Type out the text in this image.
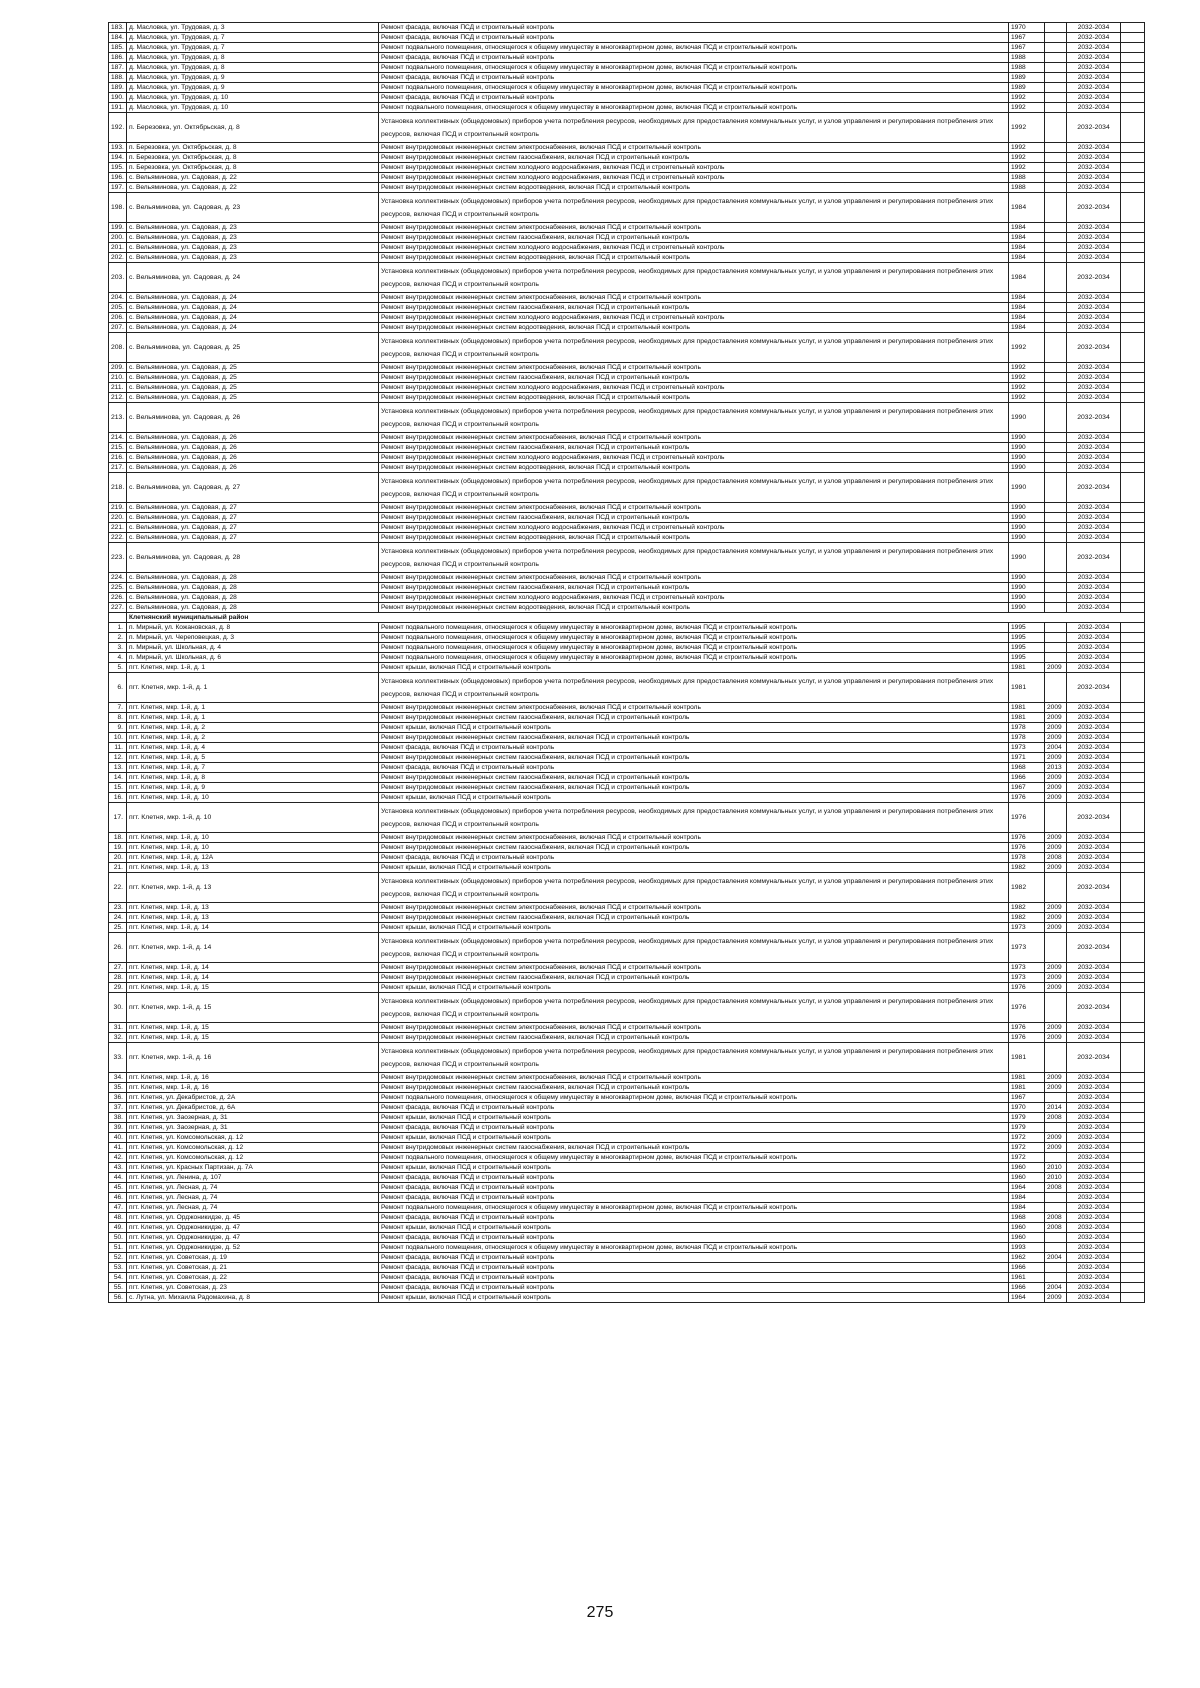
183.	д. Масловка, ул. Трудовая, д. 3	Ремонт фасада, включая ПСД и строительный контроль	1970		2032-2034	
184.	д. Масловка, ул. Трудовая, д. 7	Ремонт фасада, включая ПСД и строительный контроль	1967		2032-2034	
185.	д. Масловка, ул. Трудовая, д. 7	Ремонт подвального помещения, относящегося к общему имуществу в многоквартирном доме, включая ПСД и строительный контроль	1967		2032-2034	
186.	д. Масловка, ул. Трудовая, д. 8	Ремонт фасада, включая ПСД и строительный контроль	1988		2032-2034	
187.	д. Масловка, ул. Трудовая, д. 8	Ремонт подвального помещения, относящегося к общему имуществу в многоквартирном доме, включая ПСД и строительный контроль	1988		2032-2034	
188.	д. Масловка, ул. Трудовая, д. 9	Ремонт фасада, включая ПСД и строительный контроль	1989		2032-2034	
189.	д. Масловка, ул. Трудовая, д. 9	Ремонт подвального помещения, относящегося к общему имуществу в многоквартирном доме, включая ПСД и строительный контроль	1989		2032-2034	
190.	д. Масловка, ул. Трудовая, д. 10	Ремонт фасада, включая ПСД и строительный контроль	1992		2032-2034	
191.	д. Масловка, ул. Трудовая, д. 10	Ремонт подвального помещения, относящегося к общему имуществу в многоквартирном доме, включая ПСД и строительный контроль	1992		2032-2034	
192.	п. Березовка, ул. Октябрьская, д. 8	Установка коллективных (общедомовых) приборов учета потребления ресурсов, необходимых для предоставления коммунальных услуг, и узлов управления и регулирования потребления этих ресурсов, включая ПСД и строительный контроль	1992		2032-2034	
193.	п. Березовка, ул. Октябрьская, д. 8	Ремонт внутридомовых инженерных систем электроснабжения, включая ПСД и строительный контроль	1992		2032-2034	
194.	п. Березовка, ул. Октябрьская, д. 8	Ремонт внутридомовых инженерных систем газоснабжения, включая ПСД и строительный контроль	1992		2032-2034	
195.	п. Березовка, ул. Октябрьская, д. 8	Ремонт внутридомовых инженерных систем холодного водоснабжения, включая ПСД и строительный контроль	1992		2032-2034	
196.	с. Вельяминова, ул. Садовая, д. 22	Ремонт внутридомовых инженерных систем холодного водоснабжения, включая ПСД и строительный контроль	1988		2032-2034	
197.	с. Вельяминова, ул. Садовая, д. 22	Ремонт внутридомовых инженерных систем водоотведения, включая ПСД и строительный контроль	1988		2032-2034	
198.	с. Вельяминова, ул. Садовая, д. 23	Установка коллективных (общедомовых) приборов учета потребления ресурсов, необходимых для предоставления коммунальных услуг, и узлов управления и регулирования потребления этих ресурсов, включая ПСД и строительный контроль	1984		2032-2034	
199.	с. Вельяминова, ул. Садовая, д. 23	Ремонт внутридомовых инженерных систем электроснабжения, включая ПСД и строительный контроль	1984		2032-2034	
200.	с. Вельяминова, ул. Садовая, д. 23	Ремонт внутридомовых инженерных систем газоснабжения, включая ПСД и строительный контроль	1984		2032-2034	
201.	с. Вельяминова, ул. Садовая, д. 23	Ремонт внутридомовых инженерных систем холодного водоснабжения, включая ПСД и строительный контроль	1984		2032-2034	
202.	с. Вельяминова, ул. Садовая, д. 23	Ремонт внутридомовых инженерных систем водоотведения, включая ПСД и строительный контроль	1984		2032-2034	
203.	с. Вельяминова, ул. Садовая, д. 24	Установка коллективных (общедомовых) приборов учета потребления ресурсов, необходимых для предоставления коммунальных услуг, и узлов управления и регулирования потребления этих ресурсов, включая ПСД и строительный контроль	1984		2032-2034	
204.	с. Вельяминова, ул. Садовая, д. 24	Ремонт внутридомовых инженерных систем электроснабжения, включая ПСД и строительный контроль	1984		2032-2034	
205.	с. Вельяминова, ул. Садовая, д. 24	Ремонт внутридомовых инженерных систем газоснабжения, включая ПСД и строительный контроль	1984		2032-2034	
206.	с. Вельяминова, ул. Садовая, д. 24	Ремонт внутридомовых инженерных систем холодного водоснабжения, включая ПСД и строительный контроль	1984		2032-2034	
207.	с. Вельяминова, ул. Садовая, д. 24	Ремонт внутридомовых инженерных систем водоотведения, включая ПСД и строительный контроль	1984		2032-2034	
208.	с. Вельяминова, ул. Садовая, д. 25	Установка коллективных (общедомовых) приборов учета потребления ресурсов, необходимых для предоставления коммунальных услуг, и узлов управления и регулирования потребления этих ресурсов, включая ПСД и строительный контроль	1992		2032-2034	
209.	с. Вельяминова, ул. Садовая, д. 25	Ремонт внутридомовых инженерных систем электроснабжения, включая ПСД и строительный контроль	1992		2032-2034	
210.	с. Вельяминова, ул. Садовая, д. 25	Ремонт внутридомовых инженерных систем газоснабжения, включая ПСД и строительный контроль	1992		2032-2034	
211.	с. Вельяминова, ул. Садовая, д. 25	Ремонт внутридомовых инженерных систем холодного водоснабжения, включая ПСД и строительный контроль	1992		2032-2034	
212.	с. Вельяминова, ул. Садовая, д. 25	Ремонт внутридомовых инженерных систем водоотведения, включая ПСД и строительный контроль	1992		2032-2034	
213.	с. Вельяминова, ул. Садовая, д. 26	Установка коллективных (общедомовых) приборов учета потребления ресурсов, необходимых для предоставления коммунальных услуг, и узлов управления и регулирования потребления этих ресурсов, включая ПСД и строительный контроль	1990		2032-2034	
214.	с. Вельяминова, ул. Садовая, д. 26	Ремонт внутридомовых инженерных систем электроснабжения, включая ПСД и строительный контроль	1990		2032-2034	
215.	с. Вельяминова, ул. Садовая, д. 26	Ремонт внутридомовых инженерных систем газоснабжения, включая ПСД и строительный контроль	1990		2032-2034	
216.	с. Вельяминова, ул. Садовая, д. 26	Ремонт внутридомовых инженерных систем холодного водоснабжения, включая ПСД и строительный контроль	1990		2032-2034	
217.	с. Вельяминова, ул. Садовая, д. 26	Ремонт внутридомовых инженерных систем водоотведения, включая ПСД и строительный контроль	1990		2032-2034	
218.	с. Вельяминова, ул. Садовая, д. 27	Установка коллективных (общедомовых) приборов учета потребления ресурсов, необходимых для предоставления коммунальных услуг, и узлов управления и регулирования потребления этих ресурсов, включая ПСД и строительный контроль	1990		2032-2034	
219.	с. Вельяминова, ул. Садовая, д. 27	Ремонт внутридомовых инженерных систем электроснабжения, включая ПСД и строительный контроль	1990		2032-2034	
220.	с. Вельяминова, ул. Садовая, д. 27	Ремонт внутридомовых инженерных систем газоснабжения, включая ПСД и строительный контроль	1990		2032-2034	
221.	с. Вельяминова, ул. Садовая, д. 27	Ремонт внутридомовых инженерных систем холодного водоснабжения, включая ПСД и строительный контроль	1990		2032-2034	
222.	с. Вельяминова, ул. Садовая, д. 27	Ремонт внутридомовых инженерных систем водоотведения, включая ПСД и строительный контроль	1990		2032-2034	
223.	с. Вельяминова, ул. Садовая, д. 28	Установка коллективных (общедомовых) приборов учета потребления ресурсов, необходимых для предоставления коммунальных услуг, и узлов управления и регулирования потребления этих ресурсов, включая ПСД и строительный контроль	1990		2032-2034	
224.	с. Вельяминова, ул. Садовая, д. 28	Ремонт внутридомовых инженерных систем электроснабжения, включая ПСД и строительный контроль	1990		2032-2034	
225.	с. Вельяминова, ул. Садовая, д. 28	Ремонт внутридомовых инженерных систем газоснабжения, включая ПСД и строительный контроль	1990		2032-2034	
226.	с. Вельяминова, ул. Садовая, д. 28	Ремонт внутридомовых инженерных систем холодного водоснабжения, включая ПСД и строительный контроль	1990		2032-2034	
227.	с. Вельяминова, ул. Садовая, д. 28	Ремонт внутридомовых инженерных систем водоотведения, включая ПСД и строительный контроль	1990		2032-2034	
	Клетнянский муниципальный район					
1.	п. Мирный, ул. Кожановская, д. 8	Ремонт подвального помещения, относящегося к общему имуществу в многоквартирном доме, включая ПСД и строительный контроль	1995		2032-2034	
2.	п. Мирный, ул. Череповецкая, д. 3	Ремонт подвального помещения, относящегося к общему имуществу в многоквартирном доме, включая ПСД и строительный контроль	1995		2032-2034	
3.	п. Мирный, ул. Школьная, д. 4	Ремонт подвального помещения, относящегося к общему имуществу в многоквартирном доме, включая ПСД и строительный контроль	1995		2032-2034	
4.	п. Мирный, ул. Школьная, д. 6	Ремонт подвального помещения, относящегося к общему имуществу в многоквартирном доме, включая ПСД и строительный контроль	1995		2032-2034	
5.	пгт. Клетня, мкр. 1-й, д. 1	Ремонт крыши, включая ПСД и строительный контроль	1981	2009	2032-2034	
6.	пгт. Клетня, мкр. 1-й, д. 1	Установка коллективных (общедомовых) приборов учета потребления ресурсов, необходимых для предоставления коммунальных услуг, и узлов управления и регулирования потребления этих ресурсов, включая ПСД и строительный контроль	1981		2032-2034	
7.	пгт. Клетня, мкр. 1-й, д. 1	Ремонт внутридомовых инженерных систем электроснабжения, включая ПСД и строительный контроль	1981	2009	2032-2034	
8.	пгт. Клетня, мкр. 1-й, д. 1	Ремонт внутридомовых инженерных систем газоснабжения, включая ПСД и строительный контроль	1981	2009	2032-2034	
9.	пгт. Клетня, мкр. 1-й, д. 2	Ремонт крыши, включая ПСД и строительный контроль	1978	2009	2032-2034	
10.	пгт. Клетня, мкр. 1-й, д. 2	Ремонт внутридомовых инженерных систем газоснабжения, включая ПСД и строительный контроль	1978	2009	2032-2034	
11.	пгт. Клетня, мкр. 1-й, д. 4	Ремонт фасада, включая ПСД и строительный контроль	1973	2004	2032-2034	
12.	пгт. Клетня, мкр. 1-й, д. 5	Ремонт внутридомовых инженерных систем газоснабжения, включая ПСД и строительный контроль	1971	2009	2032-2034	
13.	пгт. Клетня, мкр. 1-й, д. 7	Ремонт фасада, включая ПСД и строительный контроль	1968	2013	2032-2034	
14.	пгт. Клетня, мкр. 1-й, д. 8	Ремонт внутридомовых инженерных систем газоснабжения, включая ПСД и строительный контроль	1966	2009	2032-2034	
15.	пгт. Клетня, мкр. 1-й, д. 9	Ремонт внутридомовых инженерных систем газоснабжения, включая ПСД и строительный контроль	1967	2009	2032-2034	
16.	пгт. Клетня, мкр. 1-й, д. 10	Ремонт крыши, включая ПСД и строительный контроль	1976	2009	2032-2034	
17.	пгт. Клетня, мкр. 1-й, д. 10	Установка коллективных (общедомовых) приборов учета потребления ресурсов, необходимых для предоставления коммунальных услуг, и узлов управления и регулирования потребления этих ресурсов, включая ПСД и строительный контроль	1976		2032-2034	
18.	пгт. Клетня, мкр. 1-й, д. 10	Ремонт внутридомовых инженерных систем электроснабжения, включая ПСД и строительный контроль	1976	2009	2032-2034	
19.	пгт. Клетня, мкр. 1-й, д. 10	Ремонт внутридомовых инженерных систем газоснабжения, включая ПСД и строительный контроль	1976	2009	2032-2034	
20.	пгт. Клетня, мкр. 1-й, д. 12А	Ремонт фасада, включая ПСД и строительный контроль	1978	2008	2032-2034	
21.	пгт. Клетня, мкр. 1-й, д. 13	Ремонт крыши, включая ПСД и строительный контроль	1982	2009	2032-2034	
22.	пгт. Клетня, мкр. 1-й, д. 13	Установка коллективных (общедомовых) приборов учета потребления ресурсов, необходимых для предоставления коммунальных услуг, и узлов управления и регулирования потребления этих ресурсов, включая ПСД и строительный контроль	1982		2032-2034	
23.	пгт. Клетня, мкр. 1-й, д. 13	Ремонт внутридомовых инженерных систем электроснабжения, включая ПСД и строительный контроль	1982	2009	2032-2034	
24.	пгт. Клетня, мкр. 1-й, д. 13	Ремонт внутридомовых инженерных систем газоснабжения, включая ПСД и строительный контроль	1982	2009	2032-2034	
25.	пгт. Клетня, мкр. 1-й, д. 14	Ремонт крыши, включая ПСД и строительный контроль	1973	2009	2032-2034	
26.	пгт. Клетня, мкр. 1-й, д. 14	Установка коллективных (общедомовых) приборов учета потребления ресурсов, необходимых для предоставления коммунальных услуг, и узлов управления и регулирования потребления этих ресурсов, включая ПСД и строительный контроль	1973		2032-2034	
27.	пгт. Клетня, мкр. 1-й, д. 14	Ремонт внутридомовых инженерных систем электроснабжения, включая ПСД и строительный контроль	1973	2009	2032-2034	
28.	пгт. Клетня, мкр. 1-й, д. 14	Ремонт внутридомовых инженерных систем газоснабжения, включая ПСД и строительный контроль	1973	2009	2032-2034	
29.	пгт. Клетня, мкр. 1-й, д. 15	Ремонт крыши, включая ПСД и строительный контроль	1976	2009	2032-2034	
30.	пгт. Клетня, мкр. 1-й, д. 15	Установка коллективных (общедомовых) приборов учета потребления ресурсов, необходимых для предоставления коммунальных услуг, и узлов управления и регулирования потребления этих ресурсов, включая ПСД и строительный контроль	1976		2032-2034	
31.	пгт. Клетня, мкр. 1-й, д. 15	Ремонт внутридомовых инженерных систем электроснабжения, включая ПСД и строительный контроль	1976	2009	2032-2034	
32.	пгт. Клетня, мкр. 1-й, д. 15	Ремонт внутридомовых инженерных систем газоснабжения, включая ПСД и строительный контроль	1976	2009	2032-2034	
33.	пгт. Клетня, мкр. 1-й, д. 16	Установка коллективных (общедомовых) приборов учета потребления ресурсов, необходимых для предоставления коммунальных услуг, и узлов управления и регулирования потребления этих ресурсов, включая ПСД и строительный контроль	1981		2032-2034	
34.	пгт. Клетня, мкр. 1-й, д. 16	Ремонт внутридомовых инженерных систем электроснабжения, включая ПСД и строительный контроль	1981	2009	2032-2034	
35.	пгт. Клетня, мкр. 1-й, д. 16	Ремонт внутридомовых инженерных систем газоснабжения, включая ПСД и строительный контроль	1981	2009	2032-2034	
36.	пгт. Клетня, ул. Декабристов, д. 2А	Ремонт подвального помещения, относящегося к общему имуществу в многоквартирном доме, включая ПСД и строительный контроль	1967		2032-2034	
37.	пгт. Клетня, ул. Декабристов, д. 6А	Ремонт фасада, включая ПСД и строительный контроль	1970	2014	2032-2034	
38.	пгт. Клетня, ул. Заозерная, д. 31	Ремонт крыши, включая ПСД и строительный контроль	1979	2008	2032-2034	
39.	пгт. Клетня, ул. Заозерная, д. 31	Ремонт фасада, включая ПСД и строительный контроль	1979		2032-2034	
40.	пгт. Клетня, ул. Комсомольская, д. 12	Ремонт крыши, включая ПСД и строительный контроль	1972	2009	2032-2034	
41.	пгт. Клетня, ул. Комсомольская, д. 12	Ремонт внутридомовых инженерных систем газоснабжения, включая ПСД и строительный контроль	1972	2009	2032-2034	
42.	пгт. Клетня, ул. Комсомольская, д. 12	Ремонт подвального помещения, относящегося к общему имуществу в многоквартирном доме, включая ПСД и строительный контроль	1972		2032-2034	
43.	пгт. Клетня, ул. Красных Партизан, д. 7А	Ремонт крыши, включая ПСД и строительный контроль	1960	2010	2032-2034	
44.	пгт. Клетня, ул. Ленина, д. 107	Ремонт фасада, включая ПСД и строительный контроль	1960	2010	2032-2034	
45.	пгт. Клетня, ул. Лесная, д. 74	Ремонт фасада, включая ПСД и строительный контроль	1964	2008	2032-2034	
46.	пгт. Клетня, ул. Лесная, д. 74	Ремонт фасада, включая ПСД и строительный контроль	1984		2032-2034	
47.	пгт. Клетня, ул. Лесная, д. 74	Ремонт подвального помещения, относящегося к общему имуществу в многоквартирном доме, включая ПСД и строительный контроль	1984		2032-2034	
48.	пгт. Клетня, ул. Орджоникидзе, д. 45	Ремонт фасада, включая ПСД и строительный контроль	1968	2008	2032-2034	
49.	пгт. Клетня, ул. Орджоникидзе, д. 47	Ремонт крыши, включая ПСД и строительный контроль	1960	2008	2032-2034	
50.	пгт. Клетня, ул. Орджоникидзе, д. 47	Ремонт фасада, включая ПСД и строительный контроль	1960		2032-2034	
51.	пгт. Клетня, ул. Орджоникидзе, д. 52	Ремонт подвального помещения, относящегося к общему имуществу в многоквартирном доме, включая ПСД и строительный контроль	1993		2032-2034	
52.	пгт. Клетня, ул. Советская, д. 19	Ремонт фасада, включая ПСД и строительный контроль	1962	2004	2032-2034	
53.	пгт. Клетня, ул. Советская, д. 21	Ремонт фасада, включая ПСД и строительный контроль	1966		2032-2034	
54.	пгт. Клетня, ул. Советская, д. 22	Ремонт фасада, включая ПСД и строительный контроль	1961		2032-2034	
55.	пгт. Клетня, ул. Советская, д. 23	Ремонт фасада, включая ПСД и строительный контроль	1966	2004	2032-2034	
56.	с. Лутна, ул. Михаила Радомахина, д. 8	Ремонт крыши, включая ПСД и строительный контроль	1964	2009	2032-2034	
275
